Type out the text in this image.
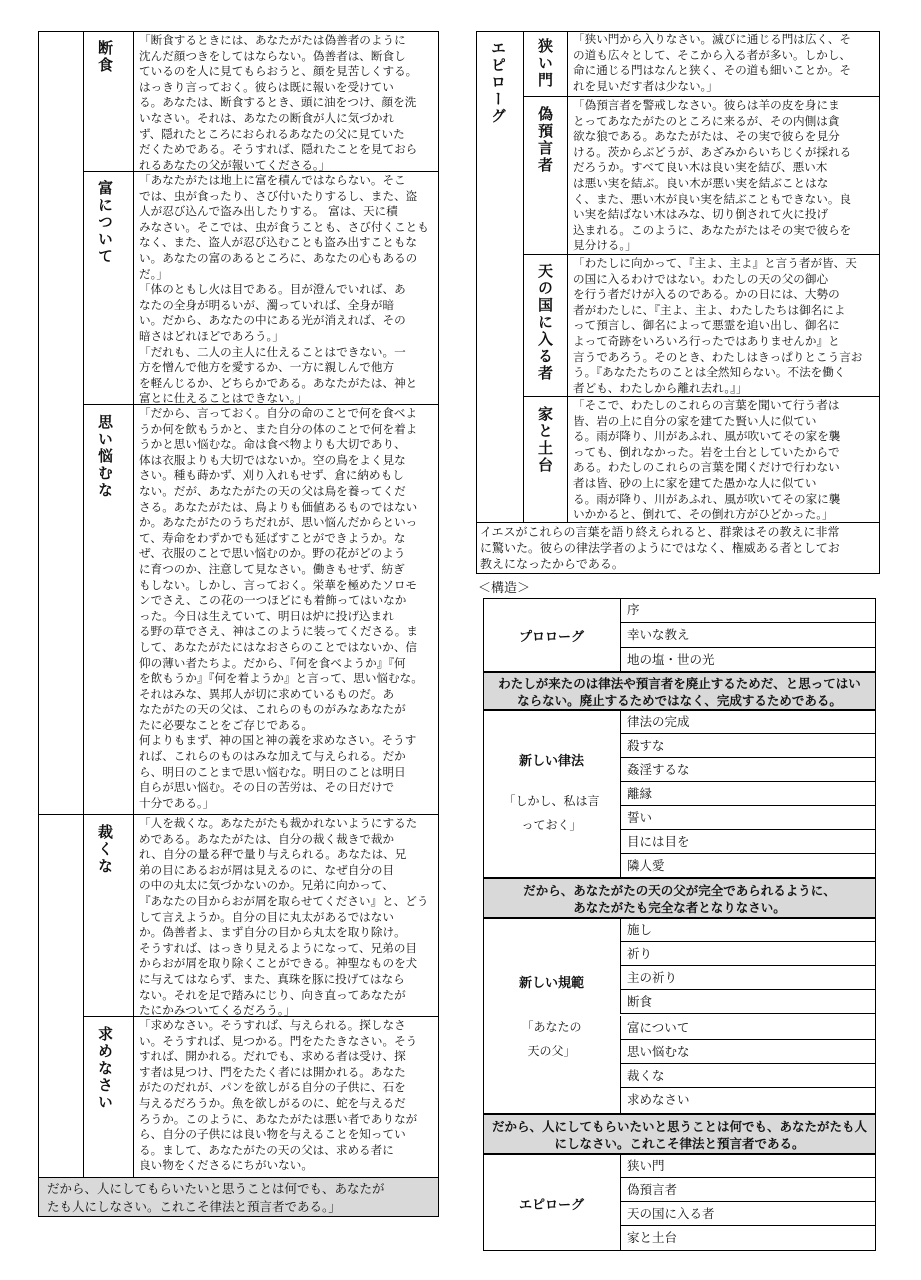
断食 「断食するときには、あなたがたは偽善者のように
沈んだ顔つきをしてはならない。偽善者は、断食し
ているのを人に見てもらおうと、顔を見苦しくする。
はっきり言っておく。彼らは既に報いを受けてい
る。あなたは、断食するとき、頭に油をつけ、顔を洗
いなさい。それは、あなたの断食が人に気づかれ
ず、隠れたところにおられるあなたの父に見ていた
だくためである。そうすれば、隠れたことを見ておら
れるあなたの父が報いてくださる。」
富について 「あなたがたは地上に富を積んではならない。そこ
では、虫が食ったり、さび付いたりするし、また、盗
人が忍び込んで盗み出したりする。 富は、天に積
みなさい。そこでは、虫が食うことも、さび付くことも
なく、また、盗人が忍び込むことも盗み出すこともな
い。あなたの富のあるところに、あなたの心もあるの
だ。」
「体のともし火は目である。目が澄んでいれば、あ
なたの全身が明るいが、濁っていれば、全身が暗
い。だから、あなたの中にある光が消えれば、その
暗さはどれほどであろう。」
「だれも、二人の主人に仕えることはできない。一
方を憎んで他方を愛するか、一方に親しんで他方
を軽んじるか、どちらかである。あなたがたは、神と
富とに仕えることはできない。」
思い悩むな
「だから、言っておく。自分の命のことで何を食べよ
うか何を飲もうかと、また自分の体のことで何を着よ
うかと思い悩むな。命は食べ物よりも大切であり、
体は衣服よりも大切ではないか。空の鳥をよく見な
さい。種も蒔かず、刈り入れもせず、倉に納めもし
ない。だが、あなたがたの天の父は鳥を養ってくだ
さる。あなたがたは、鳥よりも価値あるものではない
か。あなたがたのうちだれが、思い悩んだからといっ
て、寿命をわずかでも延ばすことができようか。な
ぜ、衣服のことで思い悩むのか。野の花がどのよう
に育つのか、注意して見なさい。働きもせず、紡ぎ
もしない。しかし、言っておく。栄華を極めたソロモ
ンでさえ、この花の一つほどにも着飾ってはいなか
った。今日は生えていて、明日は炉に投げ込まれ
る野の草でさえ、神はこのように装ってくださる。ま
して、あなたがたにはなおさらのことではないか、信
仰の薄い者たちよ。だから、『何を食べようか』『何
を飲もうか』『何を着ようか』と言って、思い悩むな。
それはみな、異邦人が切に求めているものだ。あ
なたがたの天の父は、これらのものがみなあなたが
たに必要なことをご存じである。
何よりもまず、神の国と神の義を求めなさい。そうす
れば、これらのものはみな加えて与えられる。だか
ら、明日のことまで思い悩むな。明日のことは明日
自らが思い悩む。その日の苦労は、その日だけで
十分である。」
裁くな
「人を裁くな。あなたがたも裁かれないようにするた
めである。あなたがたは、自分の裁く裁きで裁か
れ、自分の量る秤で量り与えられる。あなたは、兄
弟の目にあるおが屑は見えるのに、なぜ自分の目
の中の丸太に気づかないのか。兄弟に向かって、
『あなたの目からおが屑を取らせてください』と、どう
して言えようか。自分の目に丸太があるではない
か。偽善者よ、まず自分の目から丸太を取り除け。
そうすれば、はっきり見えるようになって、兄弟の目
からおが屑を取り除くことができる。神聖なものを犬
に与えてはならず、また、真珠を豚に投げてはなら
ない。それを足で踏みにじり、向き直ってあなたが
たにかみついてくるだろう。」
求めなさい
「求めなさい。そうすれば、与えられる。探しなさ
い。そうすれば、見つかる。門をたたきなさい。そう
すれば、開かれる。だれでも、求める者は受け、探
す者は見つけ、門をたたく者には開かれる。あなた
がたのだれが、パンを欲しがる自分の子供に、石を
与えるだろうか。魚を欲しがるのに、蛇を与えるだ
ろうか。このように、あなたがたは悪い者でありなが
ら、自分の子供には良い物を与えることを知ってい
る。まして、あなたがたの天の父は、求める者に
良い物をくださるにちがいない。
だから、人にしてもらいたいと思うことは何でも、あなたが
たも人にしなさい。これこそ律法と預言者である。」
エピローグ 狭い門 「狭い門から入りなさい。滅びに通じる門は広く、そ
の道も広々として、そこから入る者が多い。しかし、
命に通じる門はなんと狭く、その道も細いことか。そ
れを見いだす者は少ない。」
偽預言者
「偽預言者を警戒しなさい。彼らは羊の皮を身にま
とってあなたがたのところに来るが、その内側は貪
欲な狼である。あなたがたは、その実で彼らを見分
ける。茨からぶどうが、あざみからいちじくが採れる
だろうか。すべて良い木は良い実を結び、悪い木
は悪い実を結ぶ。良い木が悪い実を結ぶことはな
く、また、悪い木が良い実を結ぶこともできない。良
い実を結ばない木はみな、切り倒されて火に投げ
込まれる。このように、あなたがたはその実で彼らを
見分ける。」
天の国に入る者 「わたしに向かって、『主よ、主よ』と言う者が皆、天
の国に入るわけではない。わたしの天の父の御心
を行う者だけが入るのである。かの日には、大勢の
者がわたしに、『主よ、主よ、わたしたちは御名によ
って預言し、御名によって悪霊を追い出し、御名に
よって奇跡をいろいろ行ったではありませんか』と
言うであろう。そのとき、わたしはきっぱりとこう言お
う。『あなたたちのことは全然知らない。不法を働く
者ども、わたしから離れ去れ。』」
家と土台
「そこで、わたしのこれらの言葉を聞いて行う者は
皆、岩の上に自分の家を建てた賢い人に似てい
る。雨が降り、川があふれ、風が吹いてその家を襲
っても、倒れなかった。岩を土台としていたからで
ある。わたしのこれらの言葉を聞くだけで行わない
者は皆、砂の上に家を建てた愚かな人に似てい
る。雨が降り、川があふれ、風が吹いてその家に襲
いかかると、倒れて、その倒れ方がひどかった。」
イエスがこれらの言葉を語り終えられると、群衆はその教えに非常
に驚いた。彼らの律法学者のようにではなく、権威ある者としてお
教えになったからである。
＜構造＞
プロローグ
序
幸いな教え
地の塩・世の光
わたしが来たのは律法や預言者を廃止するためだ、と思ってはい
ならない。廃止するためではなく、完成するためである。
新しい律法
「しかし、私は言
っておく」
律法の完成
殺すな
姦淫するな
離縁
誓い
目には目を
隣人愛
だから、あなたがたの天の父が完全であられるように、
あなたがたも完全な者となりなさい。
新しい規範
「あなたの
天の父」
施し
祈り
主の祈り
断食
富について
思い悩むな
裁くな
求めなさい
だから、人にしてもらいたいと思うことは何でも、あなたがたも人
にしなさい。これこそ律法と預言者である。
エピローグ
狭い門
偽預言者
天の国に入る者
家と土台
